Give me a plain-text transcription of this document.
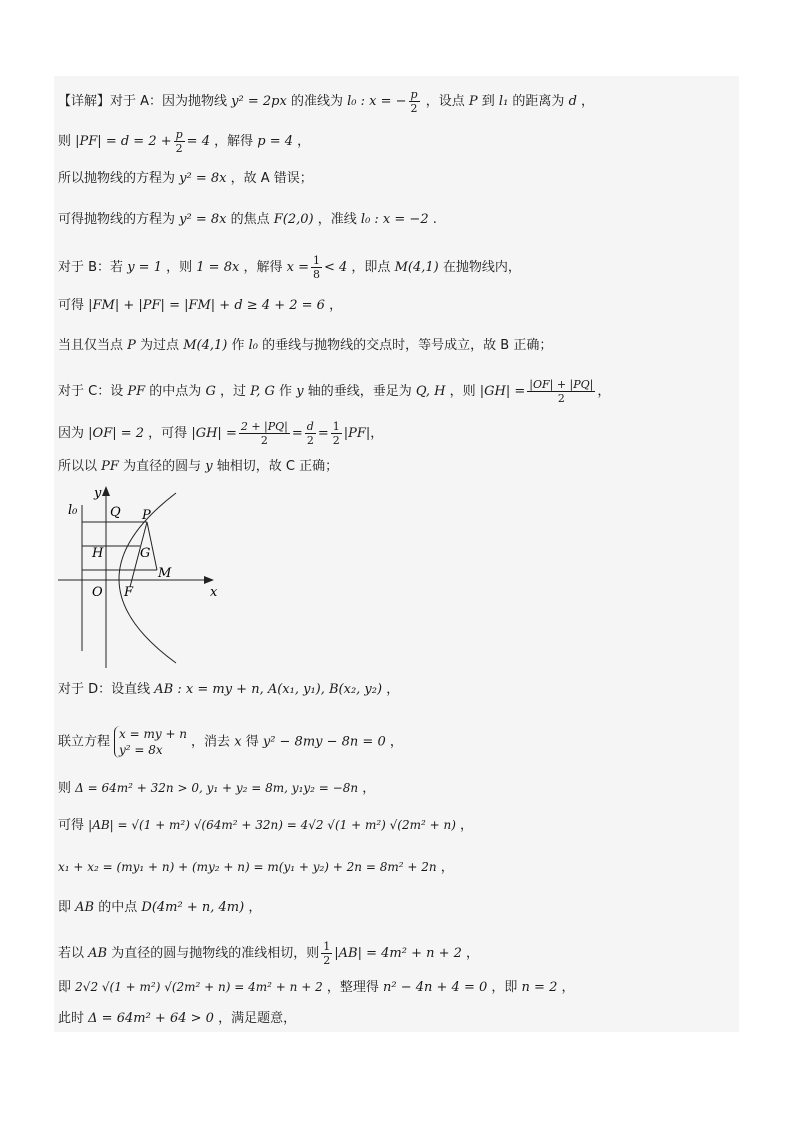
【详解】对于 A：因为抛物线 y² = 2px 的准线为 l₀ : x = − $\frac{p}{2}$ ，设点 P 到 l₁ 的距离为 d ，
则 $|PF| = d = 2 + \frac{p}{2} = 4$ ，解得 p = 4 ，
所以抛物线的方程为 y² = 8x ，故 A 错误；
可得抛物线的方程为 y² = 8x 的焦点 F(2,0) ，准线 l₀ : x = −2 .
对于 B：若 y = 1 ，则 1 = 8x ，解得 $x = \frac{1}{8} < 4$ ，即点 M(4,1) 在抛物线内，
可得 |FM| + |PF| = |FM| + d ≥ 4 + 2 = 6 ，
当且仅当点 P 为过点 M(4,1) 作 l₀ 的垂线与抛物线的交点时，等号成立，故 B 正确；
对于 C：设 PF 的中点为 G ，过 P, G 作 y 轴的垂线，垂足为 Q, H ，则 $|GH| = \frac{|OF| + |PQ|}{2}$ ，
因为 |OF| = 2 ，可得 $|GH| = \frac{2 + |PQ|}{2} = \frac{d}{2} = \frac{1}{2} |PF|$，
所以以 PF 为直径的圆与 y 轴相切，故 C 正确；
y
x
l₀	Q P
H	G
M
O F
对于 D：设直线 AB : x = my + n, A(x₁, y₁), B(x₂, y₂) ，
联立方程
x = my + n
y² = 8x
，消去 x 得 y² − 8my − 8n = 0 ，
则 Δ = 64m² + 32n > 0, y₁ + y₂ = 8m, y₁y₂ = −8n ，
可得 |AB| = √(1 + m²) √(64m² + 32n) = 4√2 √(1 + m²) √(2m² + n) ，
x₁ + x₂ = (my₁ + n) + (my₂ + n) = m(y₁ + y₂) + 2n = 8m² + 2n ，
即 AB 的中点 D(4m² + n, 4m) ，
若以 AB 为直径的圆与抛物线的准线相切，则 $\frac{1}{2} |AB| = 4m^2 + n + 2$ ，
即 2√2 √(1 + m²) √(2m² + n) = 4m² + n + 2 ，整理得 n² − 4n + 4 = 0 ，即 n = 2 ，
此时 Δ = 64m² + 64 > 0 ，满足题意，
